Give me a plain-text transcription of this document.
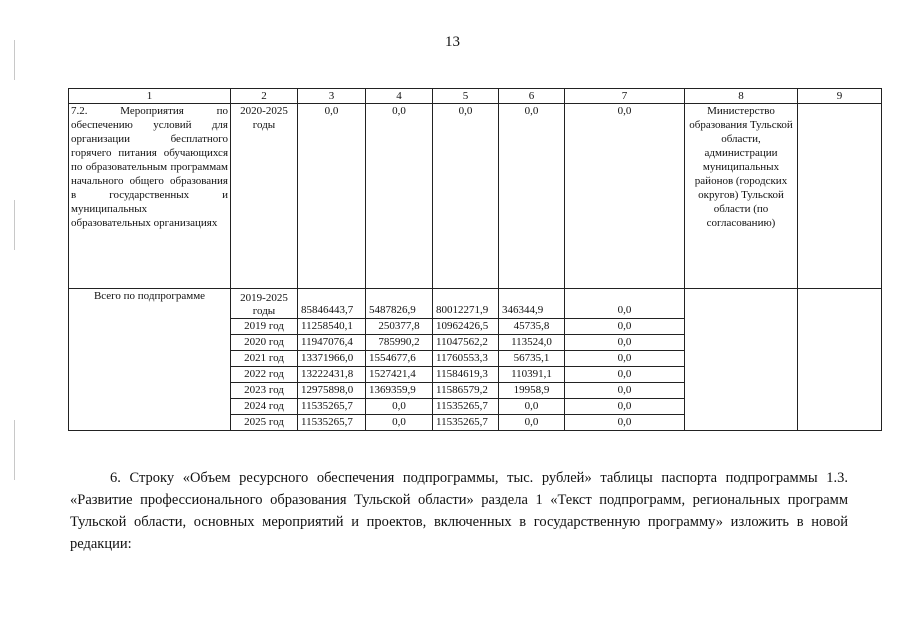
13
1	2	3	4	5	6	7	8	9
7.2. Мероприятия по обеспечению условий для организации бесплатного горячего питания обучающихся по образовательным программам начального общего образования в государственных и муниципальных образовательных организациях	2020-2025 годы	0,0	0,0	0,0	0,0	0,0	Министерство образования Тульской области, администрации муниципальных районов (городских округов) Тульской области (по согласованию)	
Всего по подпрограмме	2019-2025 годы	85846443,7	5487826,9	80012271,9	346344,9	0,0		
	2019 год	11258540,1	250377,8	10962426,5	45735,8	0,0		
	2020 год	11947076,4	785990,2	11047562,2	113524,0	0,0		
	2021 год	13371966,0	1554677,6	11760553,3	56735,1	0,0		
	2022 год	13222431,8	1527421,4	11584619,3	110391,1	0,0		
	2023 год	12975898,0	1369359,9	11586579,2	19958,9	0,0		
	2024 год	11535265,7	0,0	11535265,7	0,0	0,0		
	2025 год	11535265,7	0,0	11535265,7	0,0	0,0		

6. Строку «Объем ресурсного обеспечения подпрограммы, тыс. рублей» таблицы паспорта подпрограммы 1.3. «Развитие профессионального образования Тульской области» раздела 1 «Текст подпрограмм, региональных программ Тульской области, основных мероприятий и проектов, включенных в государственную программу» изложить в новой редакции:
